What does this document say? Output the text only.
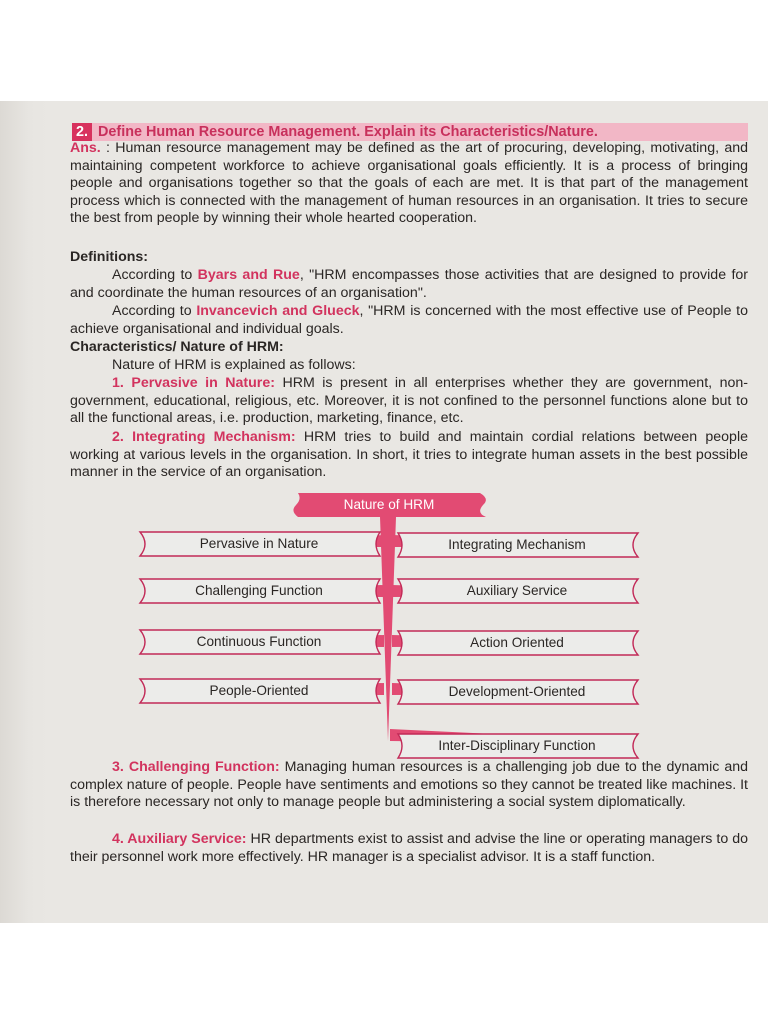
2. Define Human Resource Management. Explain its Characteristics/Nature.
Ans. : Human resource management may be defined as the art of procuring, developing, motivating, and maintaining competent workforce to achieve organisational goals efficiently. It is a process of bringing people and organisations together so that the goals of each are met. It is that part of the management process which is connected with the management of human resources in an organisation. It tries to secure the best from people by winning their whole hearted cooperation.
Definitions:
According to Byars and Rue, "HRM encompasses those activities that are designed to provide for and coordinate the human resources of an organisation".
According to Invancevich and Glueck, "HRM is concerned with the most effective use of People to achieve organisational and individual goals.
Characteristics/ Nature of HRM:
Nature of HRM is explained as follows:
1. Pervasive in Nature: HRM is present in all enterprises whether they are government, non-government, educational, religious, etc. Moreover, it is not confined to the personnel functions alone but to all the functional areas, i.e. production, marketing, finance, etc.
2. Integrating Mechanism: HRM tries to build and maintain cordial relations between people working at various levels in the organisation. In short, it tries to integrate human assets in the best possible manner in the service of an organisation.
3. Challenging Function: Managing human resources is a challenging job due to the dynamic and complex nature of people. People have sentiments and emotions so they cannot be treated like machines. It is therefore necessary not only to manage people but administering a social system diplomatically.
4. Auxiliary Service: HR departments exist to assist and advise the line or operating managers to do their personnel work more effectively. HR manager is a specialist advisor. It is a staff function.
Nature of HRM
Pervasive in Nature
Challenging Function
Continuous Function
People-Oriented
Integrating Mechanism
Auxiliary Service
Action Oriented
Development-Oriented
Inter-Disciplinary Function
